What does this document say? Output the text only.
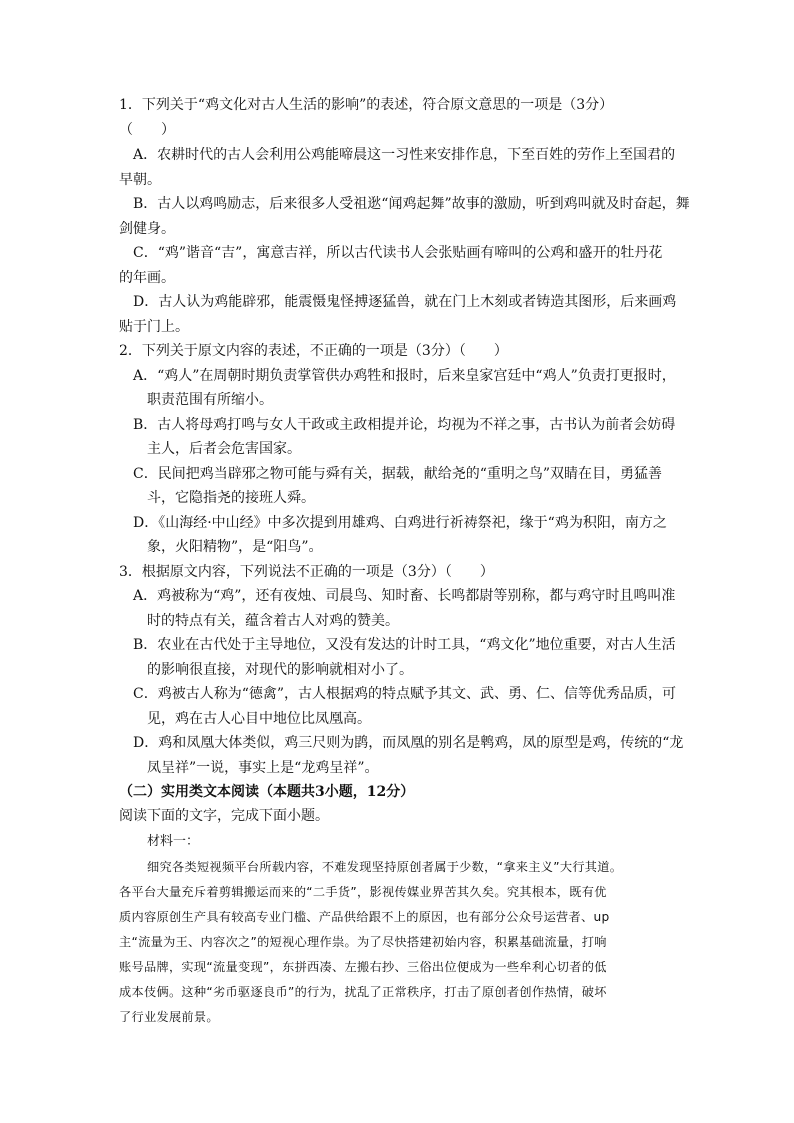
1．下列关于“鸡文化对古人生活的影响”的表述，符合原文意思的一项是（3分）
（　　）
A．农耕时代的古人会利用公鸡能啼晨这一习性来安排作息，下至百姓的劳作上至国君的
早朝。
B．古人以鸡鸣励志，后来很多人受祖逖“闻鸡起舞”故事的激励，听到鸡叫就及时奋起，舞
剑健身。
C．“鸡”谐音“吉”，寓意吉祥，所以古代读书人会张贴画有啼叫的公鸡和盛开的牡丹花
的年画。
D．古人认为鸡能辟邪，能震慑鬼怪搏逐猛兽，就在门上木刻或者铸造其图形，后来画鸡
贴于门上。
2．下列关于原文内容的表述，不正确的一项是（3分）（　　）
A．“鸡人”在周朝时期负责掌管供办鸡牲和报时，后来皇家宫廷中“鸡人”负责打更报时，
职责范围有所缩小。
B．古人将母鸡打鸣与女人干政或主政相提并论，均视为不祥之事，古书认为前者会妨碍
主人，后者会危害国家。
C．民间把鸡当辟邪之物可能与舜有关，据载，献给尧的“重明之鸟”双睛在目，勇猛善
斗，它隐指尧的接班人舜。
D．《山海经·中山经》中多次提到用雄鸡、白鸡进行祈祷祭祀，缘于“鸡为积阳，南方之
象，火阳精物”，是“阳鸟”。
3．根据原文内容，下列说法不正确的一项是（3分）（　　）
A．鸡被称为“鸡”，还有夜烛、司晨鸟、知时畜、长鸣都尉等别称，都与鸡守时且鸣叫准
时的特点有关，蕴含着古人对鸡的赞美。
B．农业在古代处于主导地位，又没有发达的计时工具，“鸡文化”地位重要，对古人生活
的影响很直接，对现代的影响就相对小了。
C．鸡被古人称为“德禽”，古人根据鸡的特点赋予其文、武、勇、仁、信等优秀品质，可
见，鸡在古人心目中地位比凤凰高。
D．鸡和凤凰大体类似，鸡三尺则为鹍，而凤凰的别名是鹎鸡，凤的原型是鸡，传统的“龙
凤呈祥”一说，事实上是“龙鸡呈祥”。
（二）实用类文本阅读（本题共3小题，12分）
阅读下面的文字，完成下面小题。
材料一：
细究各类短视频平台所载内容，不难发现坚持原创者属于少数，“拿来主义”大行其道。
各平台大量充斥着剪辑搬运而来的“二手货”，影视传媒业界苦其久矣。究其根本，既有优
质内容原创生产具有较高专业门槛、产品供给跟不上的原因，也有部分公众号运营者、up
主“流量为王、内容次之”的短视心理作祟。为了尽快搭建初始内容，积累基础流量，打响
账号品牌，实现“流量变现”，东拼西凑、左搬右抄、三俗出位便成为一些牟利心切者的低
成本伎俩。这种“劣币驱逐良币”的行为，扰乱了正常秩序，打击了原创者创作热情，破坏
了行业发展前景。
